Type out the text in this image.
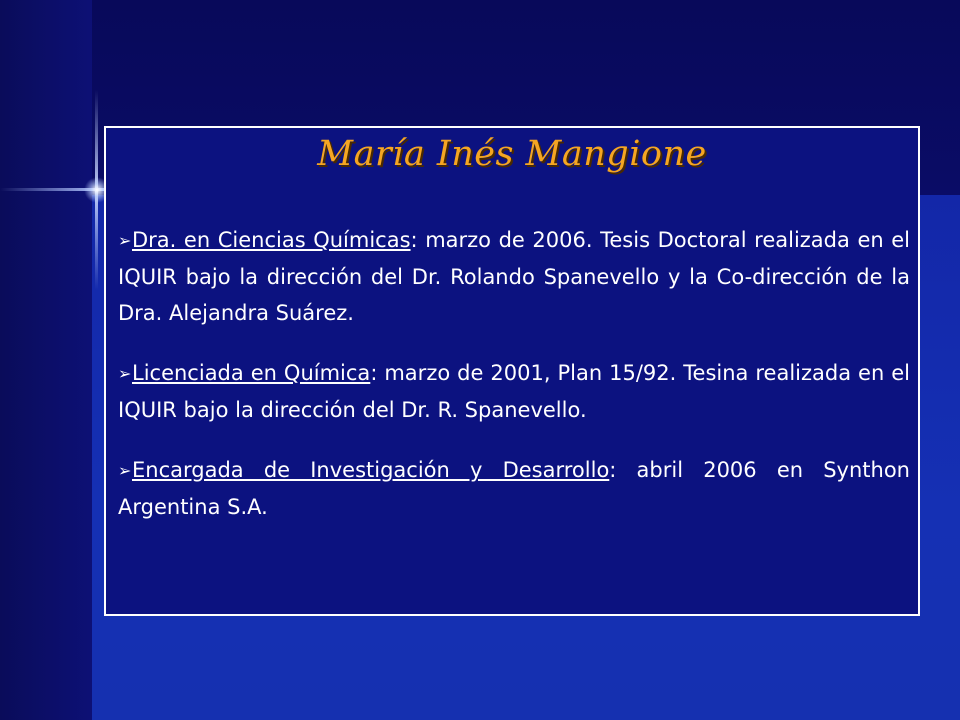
María Inés Mangione

➢Dra. en Ciencias Químicas: marzo de 2006. Tesis Doctoral realizada en el IQUIR bajo la dirección del Dr. Rolando Spanevello y la Co-dirección de la Dra. Alejandra Suárez.

➢Licenciada en Química: marzo de 2001, Plan 15/92. Tesina realizada en el IQUIR bajo la dirección del Dr. R. Spanevello.

➢Encargada de Investigación y Desarrollo: abril 2006 en Synthon Argentina S.A.
